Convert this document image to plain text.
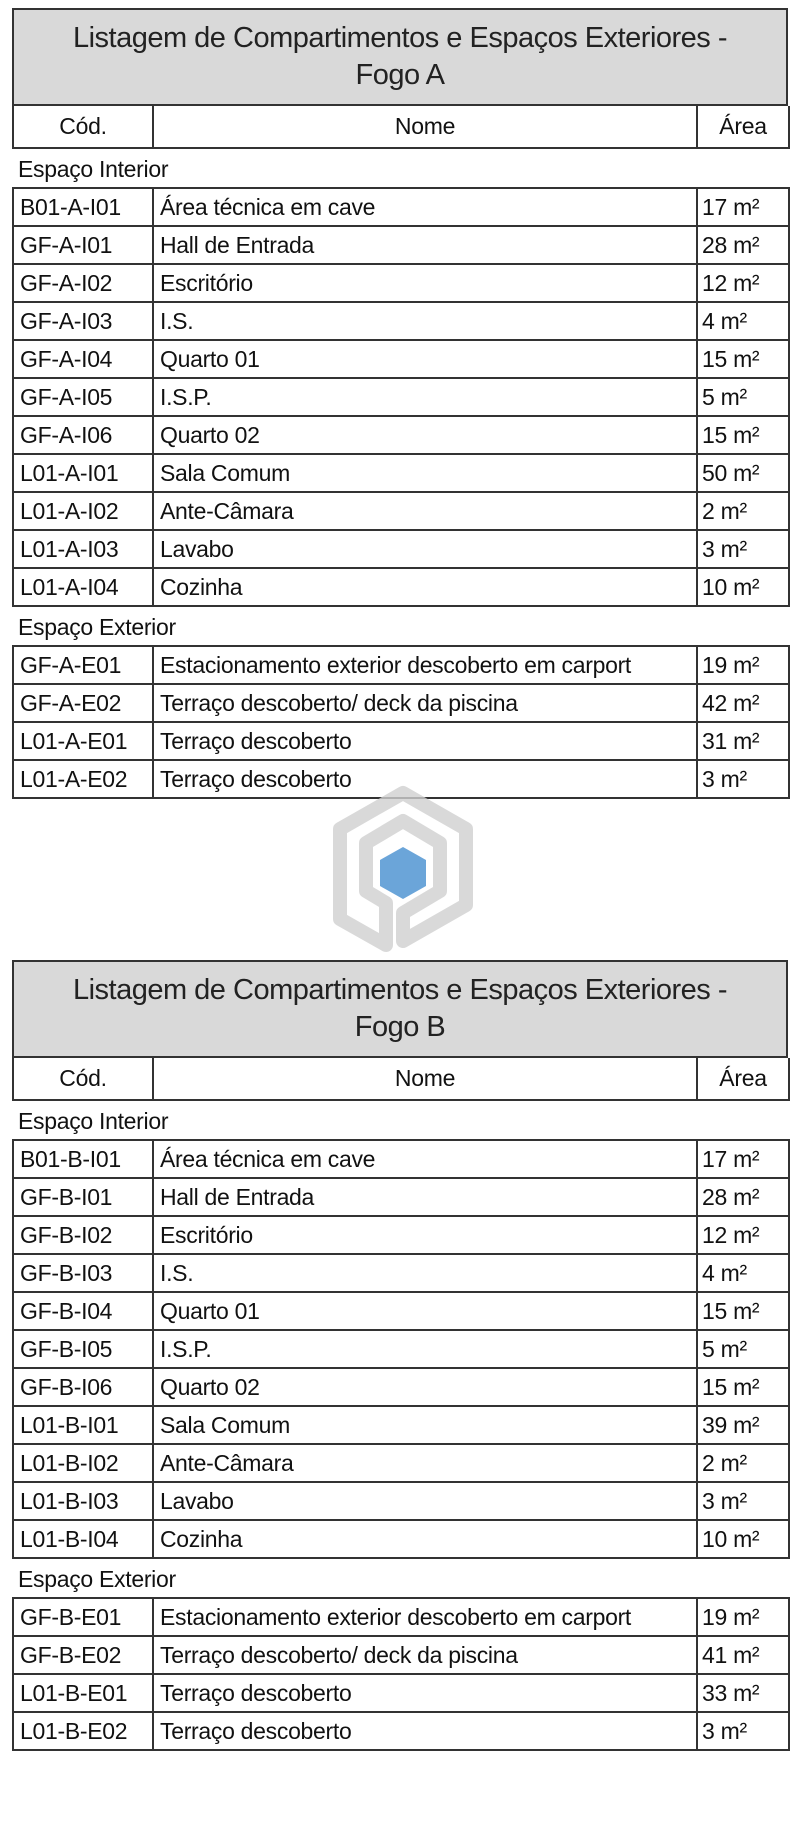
Listagem de Compartimentos e Espaços Exteriores -
Fogo A
Cód.	Nome	Área
Espaço Interior		
B01-A-I01	Área técnica em cave	17 m²
GF-A-I01	Hall de Entrada	28 m²
GF-A-I02	Escritório	12 m²
GF-A-I03	I.S.	4 m²
GF-A-I04	Quarto 01	15 m²
GF-A-I05	I.S.P.	5 m²
GF-A-I06	Quarto 02	15 m²
L01-A-I01	Sala Comum	50 m²
L01-A-I02	Ante-Câmara	2 m²
L01-A-I03	Lavabo	3 m²
L01-A-I04	Cozinha	10 m²
Espaço Exterior		
GF-A-E01	Estacionamento exterior descoberto em carport	19 m²
GF-A-E02	Terraço descoberto/ deck da piscina	42 m²
L01-A-E01	Terraço descoberto	31 m²
L01-A-E02	Terraço descoberto	3 m²
Listagem de Compartimentos e Espaços Exteriores -
Fogo B
Cód.	Nome	Área
Espaço Interior		
B01-B-I01	Área técnica em cave	17 m²
GF-B-I01	Hall de Entrada	28 m²
GF-B-I02	Escritório	12 m²
GF-B-I03	I.S.	4 m²
GF-B-I04	Quarto 01	15 m²
GF-B-I05	I.S.P.	5 m²
GF-B-I06	Quarto 02	15 m²
L01-B-I01	Sala Comum	39 m²
L01-B-I02	Ante-Câmara	2 m²
L01-B-I03	Lavabo	3 m²
L01-B-I04	Cozinha	10 m²
Espaço Exterior		
GF-B-E01	Estacionamento exterior descoberto em carport	19 m²
GF-B-E02	Terraço descoberto/ deck da piscina	41 m²
L01-B-E01	Terraço descoberto	33 m²
L01-B-E02	Terraço descoberto	3 m²
